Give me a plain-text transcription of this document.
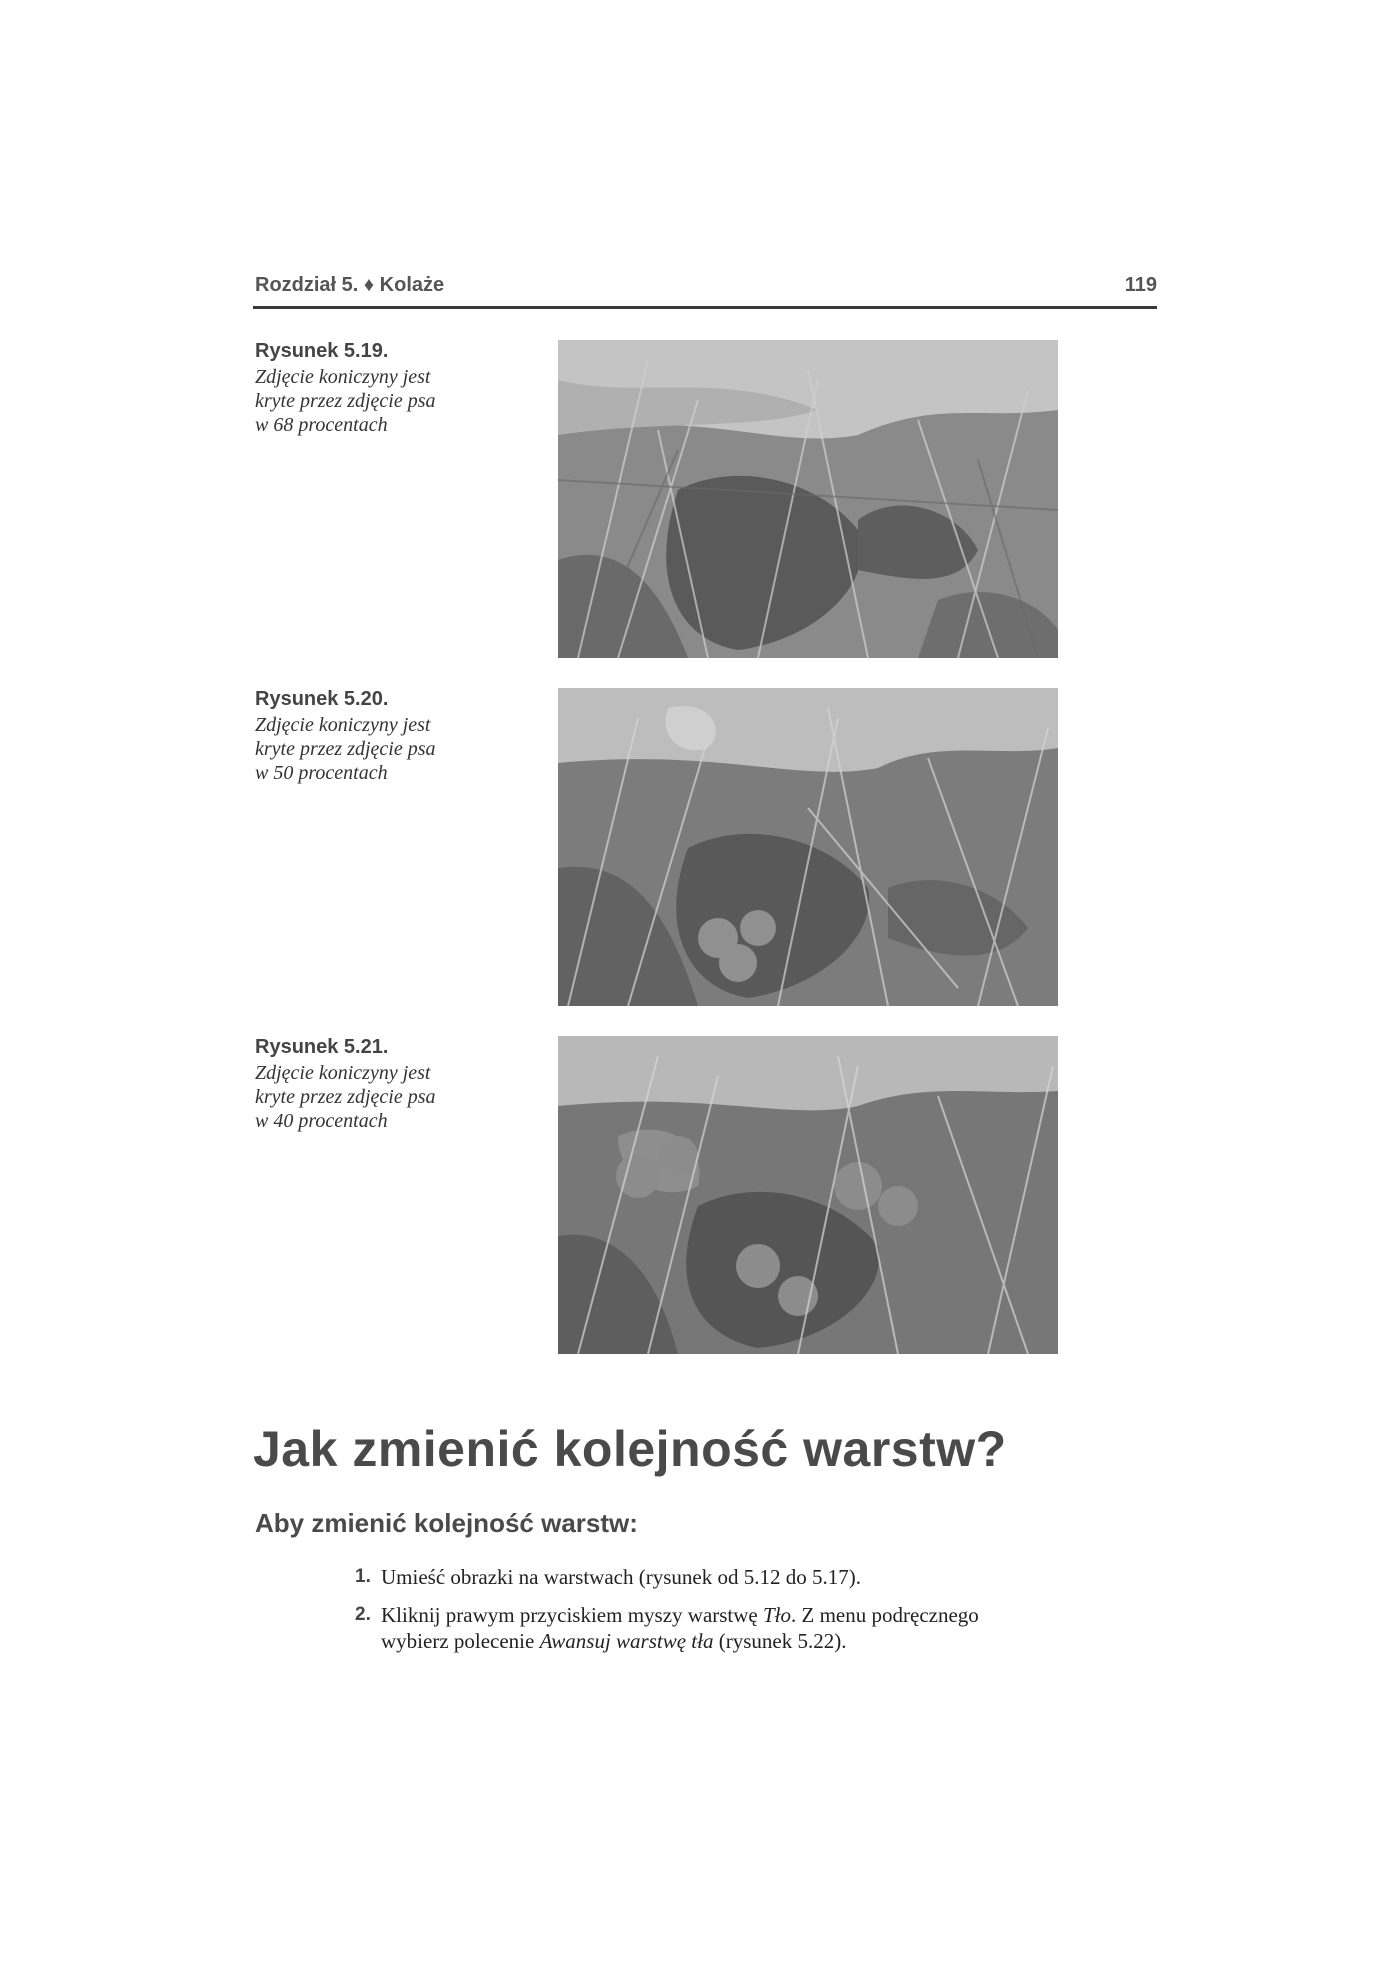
Rozdział 5. ♦ Kolaże	119
Rysunek 5.19.
Zdjęcie koniczyny jest
kryte przez zdjęcie psa
w 68 procentach
Rysunek 5.20.
Zdjęcie koniczyny jest
kryte przez zdjęcie psa
w 50 procentach
Rysunek 5.21.
Zdjęcie koniczyny jest
kryte przez zdjęcie psa
w 40 procentach
Jak zmienić kolejność warstw?
Aby zmienić kolejność warstw:
1. Umieść obrazki na warstwach (rysunek od 5.12 do 5.17).
2. Kliknij prawym przyciskiem myszy warstwę Tło. Z menu podręcznego
wybierz polecenie Awansuj warstwę tła (rysunek 5.22).
